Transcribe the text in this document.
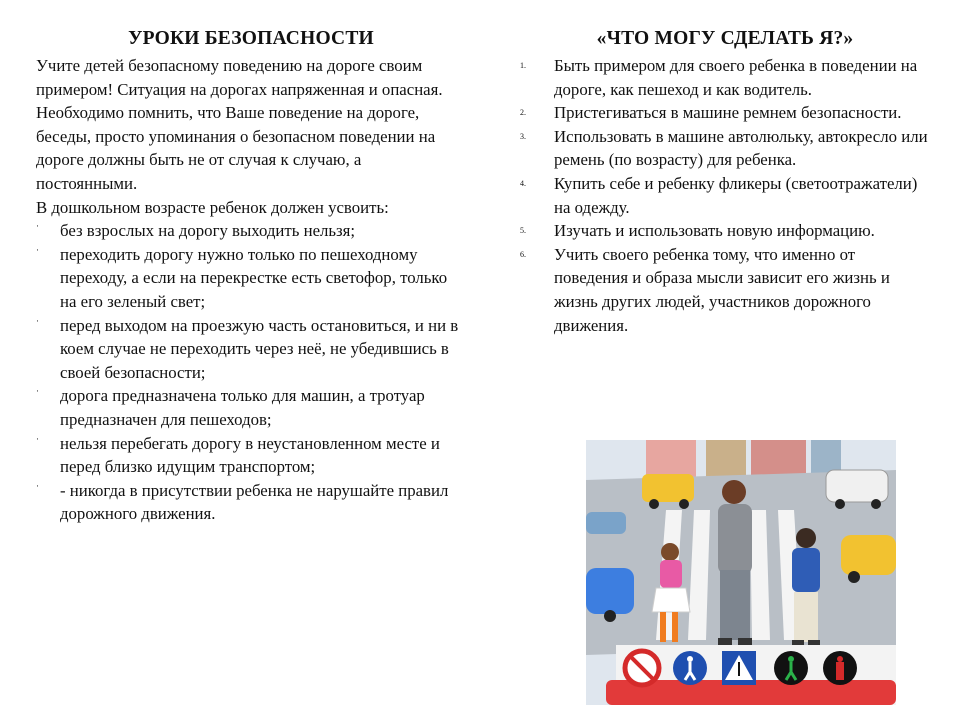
УРОКИ БЕЗОПАСНОСТИ

Учите детей безопасному поведению на дороге своим примером! Ситуация на дорогах напряженная и опасная. Необходимо помнить, что Ваше поведение на дороге, беседы, просто упоминания о безопасном поведении на дороге должны быть не от случая к случаю, а постоянными.

В дошкольном возрасте ребенок должен усвоить:

· без взрослых на дорогу выходить нельзя;
· переходить дорогу нужно только по пешеходному переходу, а если на перекрестке есть светофор, только на его зеленый свет;
· перед выходом на проезжую часть остановиться, и ни в коем случае не переходить через неё, не убедившись в своей безопасности;
· дорога предназначена только для машин, а тротуар предназначен для пешеходов;
· нельзя перебегать дорогу в неустановленном месте и перед близко идущим транспортом;
· - никогда в присутствии ребенка не нарушайте правил дорожного движения.
«ЧТО МОГУ СДЕЛАТЬ Я?»
1. Быть примером для своего ребенка в поведении на дороге, как пешеход и как водитель.
2. Пристегиваться в машине ремнем безопасности.
3. Использовать в машине автолюльку, автокресло или ремень (по возрасту) для ребенка.
4. Купить себе и ребенку фликеры (светоотражатели) на одежду.
5. Изучать и использовать новую информацию.
6. Учить своего ребенка тому, что именно от поведения и образа мысли зависит его жизнь и жизнь других людей, участников дорожного движения.
